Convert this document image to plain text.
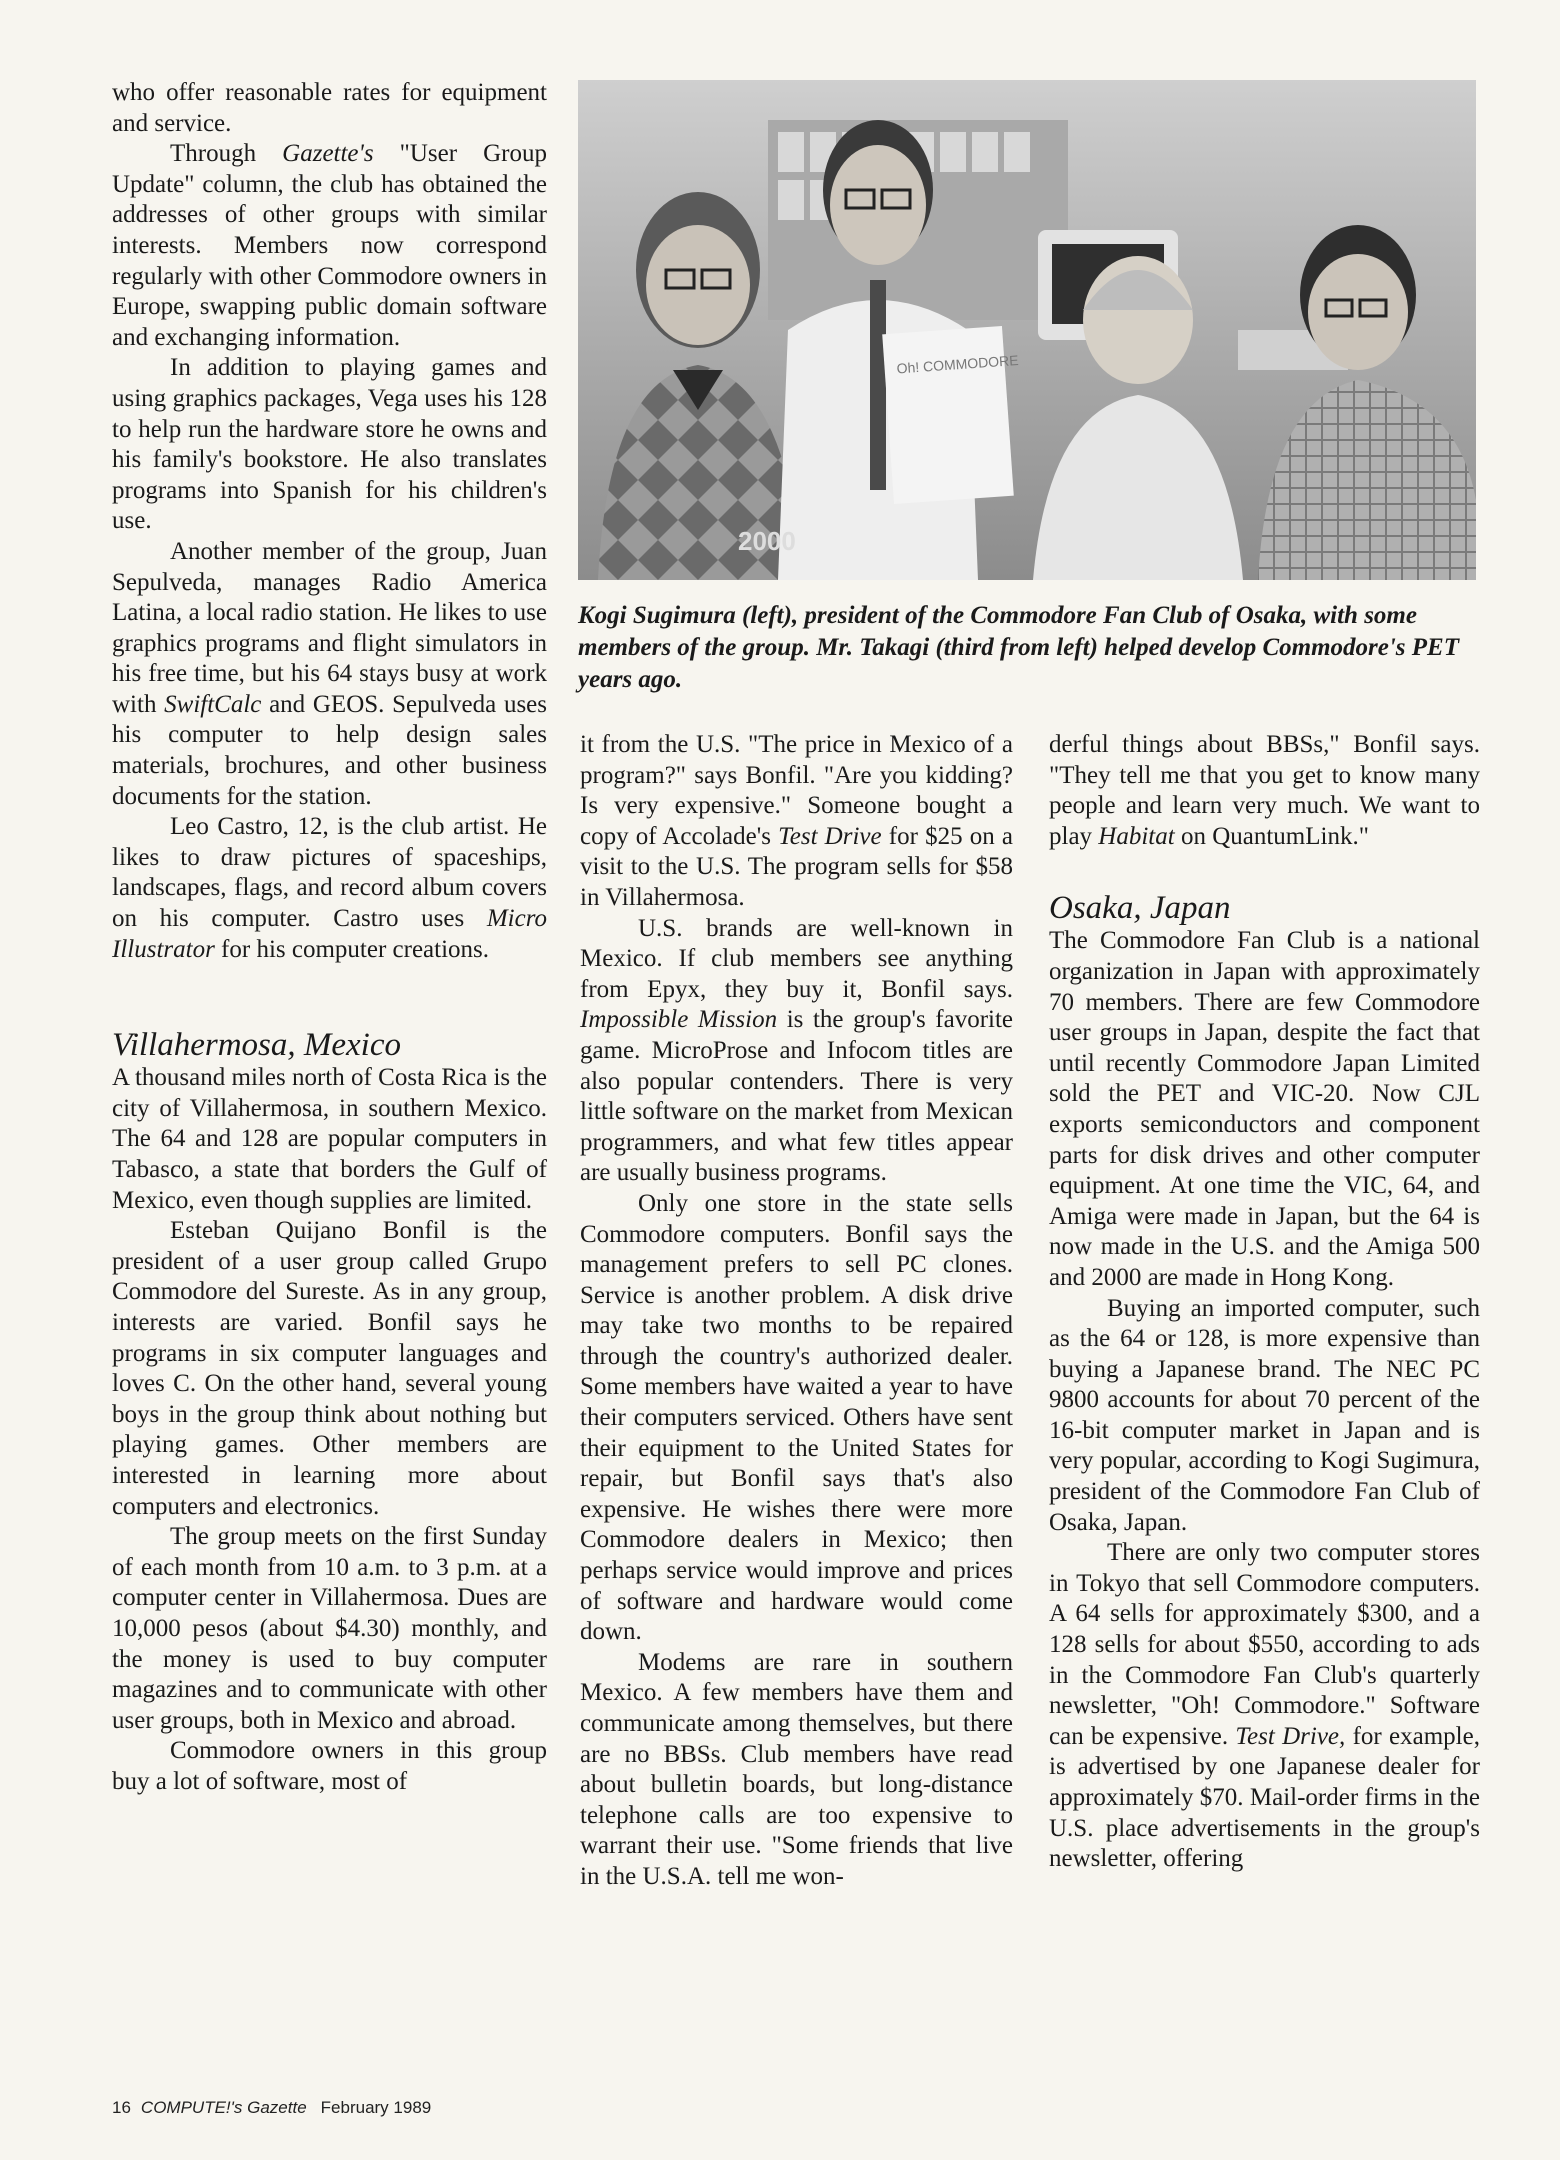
who offer reasonable rates for equipment and service.

Through Gazette's "User Group Update" column, the club has obtained the addresses of other groups with similar interests. Members now correspond regularly with other Commodore owners in Europe, swapping public domain software and exchanging information.

In addition to playing games and using graphics packages, Vega uses his 128 to help run the hardware store he owns and his family's bookstore. He also translates programs into Spanish for his children's use.

Another member of the group, Juan Sepulveda, manages Radio America Latina, a local radio station. He likes to use graphics programs and flight simulators in his free time, but his 64 stays busy at work with SwiftCalc and GEOS. Sepulveda uses his computer to help design sales materials, brochures, and other business documents for the station.

Leo Castro, 12, is the club artist. He likes to draw pictures of spaceships, landscapes, flags, and record album covers on his computer. Castro uses Micro Illustrator for his computer creations.

Villahermosa, Mexico

A thousand miles north of Costa Rica is the city of Villahermosa, in southern Mexico. The 64 and 128 are popular computers in Tabasco, a state that borders the Gulf of Mexico, even though supplies are limited.

Esteban Quijano Bonfil is the president of a user group called Grupo Commodore del Sureste. As in any group, interests are varied. Bonfil says he programs in six computer languages and loves C. On the other hand, several young boys in the group think about nothing but playing games. Other members are interested in learning more about computers and electronics.

The group meets on the first Sunday of each month from 10 a.m. to 3 p.m. at a computer center in Villahermosa. Dues are 10,000 pesos (about $4.30) monthly, and the money is used to buy computer magazines and to communicate with other user groups, both in Mexico and abroad.

Commodore owners in this group buy a lot of software, most of

Oh! COMMODORE
2000
Kogi Sugimura (left), president of the Commodore Fan Club of Osaka, with some members of the group. Mr. Takagi (third from left) helped develop Commodore's PET years ago.

it from the U.S. "The price in Mexico of a program?" says Bonfil. "Are you kidding? Is very expensive." Someone bought a copy of Accolade's Test Drive for $25 on a visit to the U.S. The program sells for $58 in Villahermosa.

U.S. brands are well-known in Mexico. If club members see anything from Epyx, they buy it, Bonfil says. Impossible Mission is the group's favorite game. MicroProse and Infocom titles are also popular contenders. There is very little software on the market from Mexican programmers, and what few titles appear are usually business programs.

Only one store in the state sells Commodore computers. Bonfil says the management prefers to sell PC clones. Service is another problem. A disk drive may take two months to be repaired through the country's authorized dealer. Some members have waited a year to have their computers serviced. Others have sent their equipment to the United States for repair, but Bonfil says that's also expensive. He wishes there were more Commodore dealers in Mexico; then perhaps service would improve and prices of software and hardware would come down.

Modems are rare in southern Mexico. A few members have them and communicate among themselves, but there are no BBSs. Club members have read about bulletin boards, but long-distance telephone calls are too expensive to warrant their use. "Some friends that live in the U.S.A. tell me won-

derful things about BBSs," Bonfil says. "They tell me that you get to know many people and learn very much. We want to play Habitat on QuantumLink."

Osaka, Japan

The Commodore Fan Club is a national organization in Japan with approximately 70 members. There are few Commodore user groups in Japan, despite the fact that until recently Commodore Japan Limited sold the PET and VIC-20. Now CJL exports semiconductors and component parts for disk drives and other computer equipment. At one time the VIC, 64, and Amiga were made in Japan, but the 64 is now made in the U.S. and the Amiga 500 and 2000 are made in Hong Kong.

Buying an imported computer, such as the 64 or 128, is more expensive than buying a Japanese brand. The NEC PC 9800 accounts for about 70 percent of the 16-bit computer market in Japan and is very popular, according to Kogi Sugimura, president of the Commodore Fan Club of Osaka, Japan.

There are only two computer stores in Tokyo that sell Commodore computers. A 64 sells for approximately $300, and a 128 sells for about $550, according to ads in the Commodore Fan Club's quarterly newsletter, "Oh! Commodore." Software can be expensive. Test Drive, for example, is advertised by one Japanese dealer for approximately $70. Mail-order firms in the U.S. place advertisements in the group's newsletter, offering

16 COMPUTE!'s Gazette February 1989
